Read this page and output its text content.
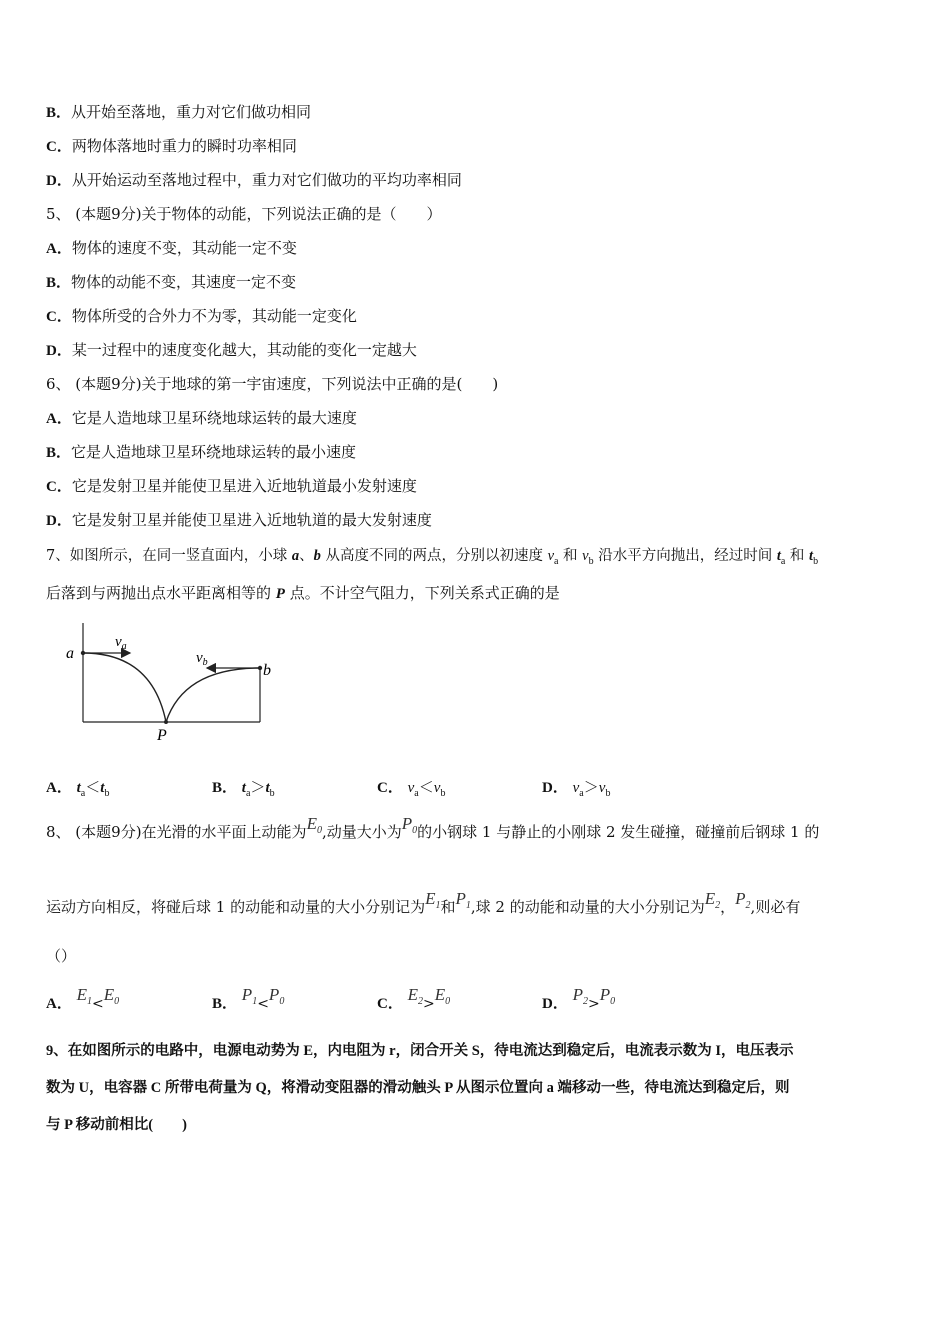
B．从开始至落地，重力对它们做功相同
C．两物体落地时重力的瞬时功率相同
D．从开始运动至落地过程中，重力对它们做功的平均功率相同
5、 (本题9分)关于物体的动能，下列说法正确的是（　　）
A．物体的速度不变，其动能一定不变
B．物体的动能不变，其速度一定不变
C．物体所受的合外力不为零，其动能一定变化
D．某一过程中的速度变化越大，其动能的变化一定越大
6、 (本题9分)关于地球的第一宇宙速度，下列说法中正确的是(　　)
A．它是人造地球卫星环绕地球运转的最大速度
B．它是人造地球卫星环绕地球运转的最小速度
C．它是发射卫星并能使卫星进入近地轨道最小发射速度
D．它是发射卫星并能使卫星进入近地轨道的最大发射速度
7、如图所示，在同一竖直面内，小球 a、b 从高度不同的两点，分别以初速度 $v_a$ 和 $v_b$ 沿水平方向抛出，经过时间 $t_a$ 和 $t_b$
后落到与两抛出点水平距离相等的 P 点。不计空气阻力，下列关系式正确的是
a
b
$v_a$
$v_b$
P
A． $t_a<t_b$	B． $t_a>t_b$	C． $v_a<v_b$	D． $v_a>v_b$
8、 (本题9分)在光滑的水平面上动能为$E_0$,动量大小为$P_0$的小钢球 1 与静止的小刚球 2 发生碰撞，碰撞前后钢球 1 的
运动方向相反，将碰后球 1 的动能和动量的大小分别记为$E_1$和$P_1$,球 2 的动能和动量的大小分别记为$E_2$，$P_2$,则必有
（）
A． $E_1<E_0$	B． $P_1<P_0$	C． $E_2>E_0$	D． $P_2>P_0$
9、在如图所示的电路中，电源电动势为 E，内电阻为 r，闭合开关 S，待电流达到稳定后，电流表示数为 I，电压表示
数为 U，电容器 C 所带电荷量为 Q，将滑动变阻器的滑动触头 P 从图示位置向 a 端移动一些，待电流达到稳定后，则
与 P 移动前相比(　　)
